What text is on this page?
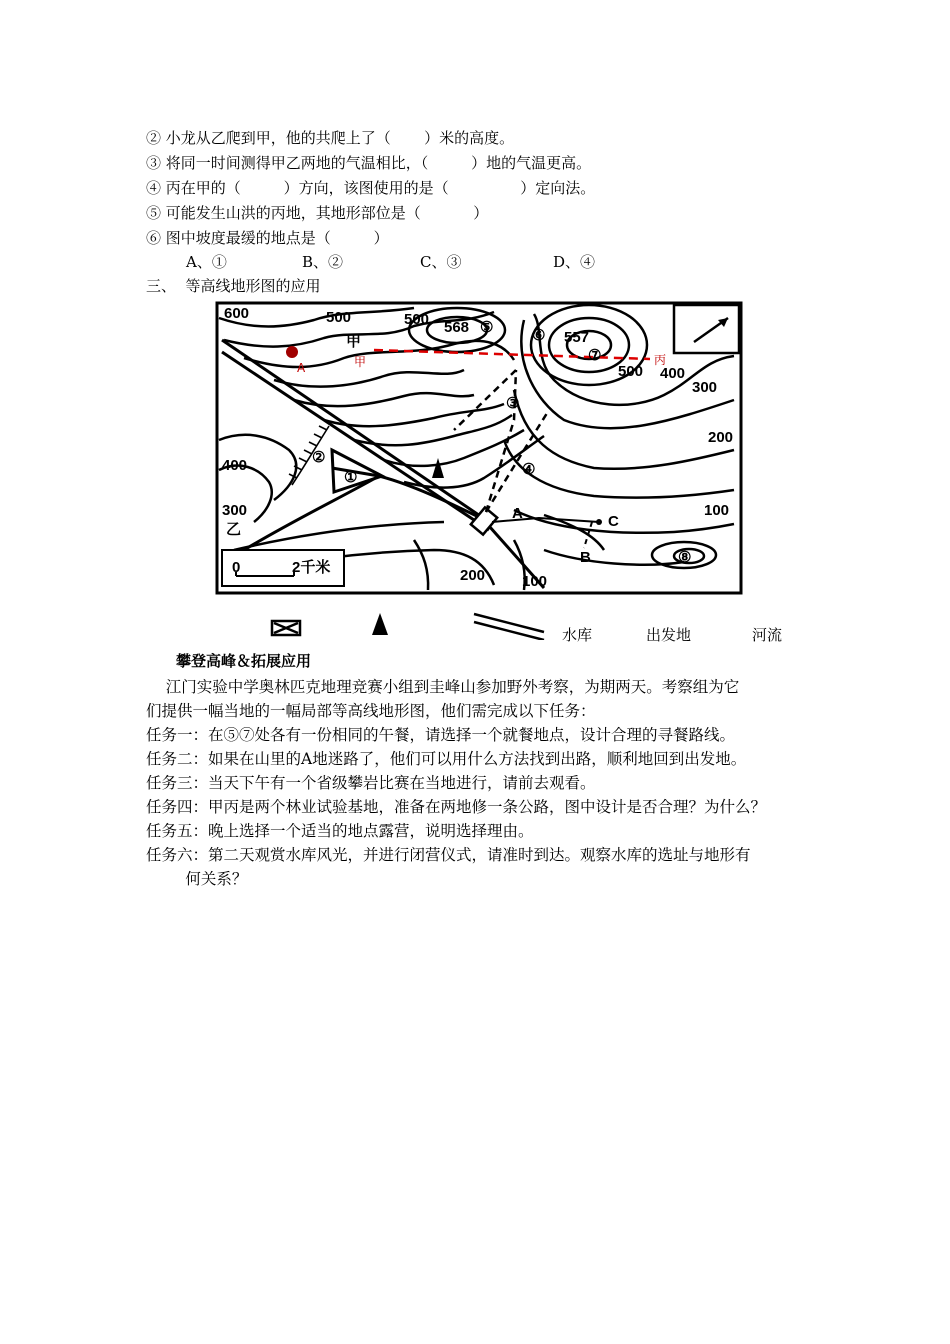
② 小龙从乙爬到甲，他的共爬上了（       ）米的高度。
③ 将同一时间测得甲乙两地的气温相比，（         ）地的气温更高。
④ 丙在甲的（         ）方向，该图使用的是（               ）定向法。
⑤ 可能发生山洪的丙地，其地形部位是（           ）
⑥ 图中坡度最缓的地点是（         ）
A、①	B、②	C、③	D、④
三、  等高线地形图的应用
600	500	500 568
557
500 400
300
200
400
300	100
200 100
⑤	⑥
⑦
③
②
①	④
⑧
A
B
C
甲
乙
0	2千米
甲	丙
A
水库	出发地	河流
攀登高峰＆拓展应用
江门实验中学奥林匹克地理竞赛小组到圭峰山参加野外考察，为期两天。考察组为它
们提供一幅当地的一幅局部等高线地形图，他们需完成以下任务：
任务一：在⑤⑦处各有一份相同的午餐，请选择一个就餐地点，设计合理的寻餐路线。
任务二：如果在山里的A地迷路了，他们可以用什么方法找到出路，顺利地回到出发地。
任务三：当天下午有一个省级攀岩比赛在当地进行，请前去观看。
任务四：甲丙是两个林业试验基地，准备在两地修一条公路，图中设计是否合理？为什么？
任务五：晚上选择一个适当的地点露营，说明选择理由。
任务六：第二天观赏水库风光，并进行闭营仪式，请准时到达。观察水库的选址与地形有
何关系？
